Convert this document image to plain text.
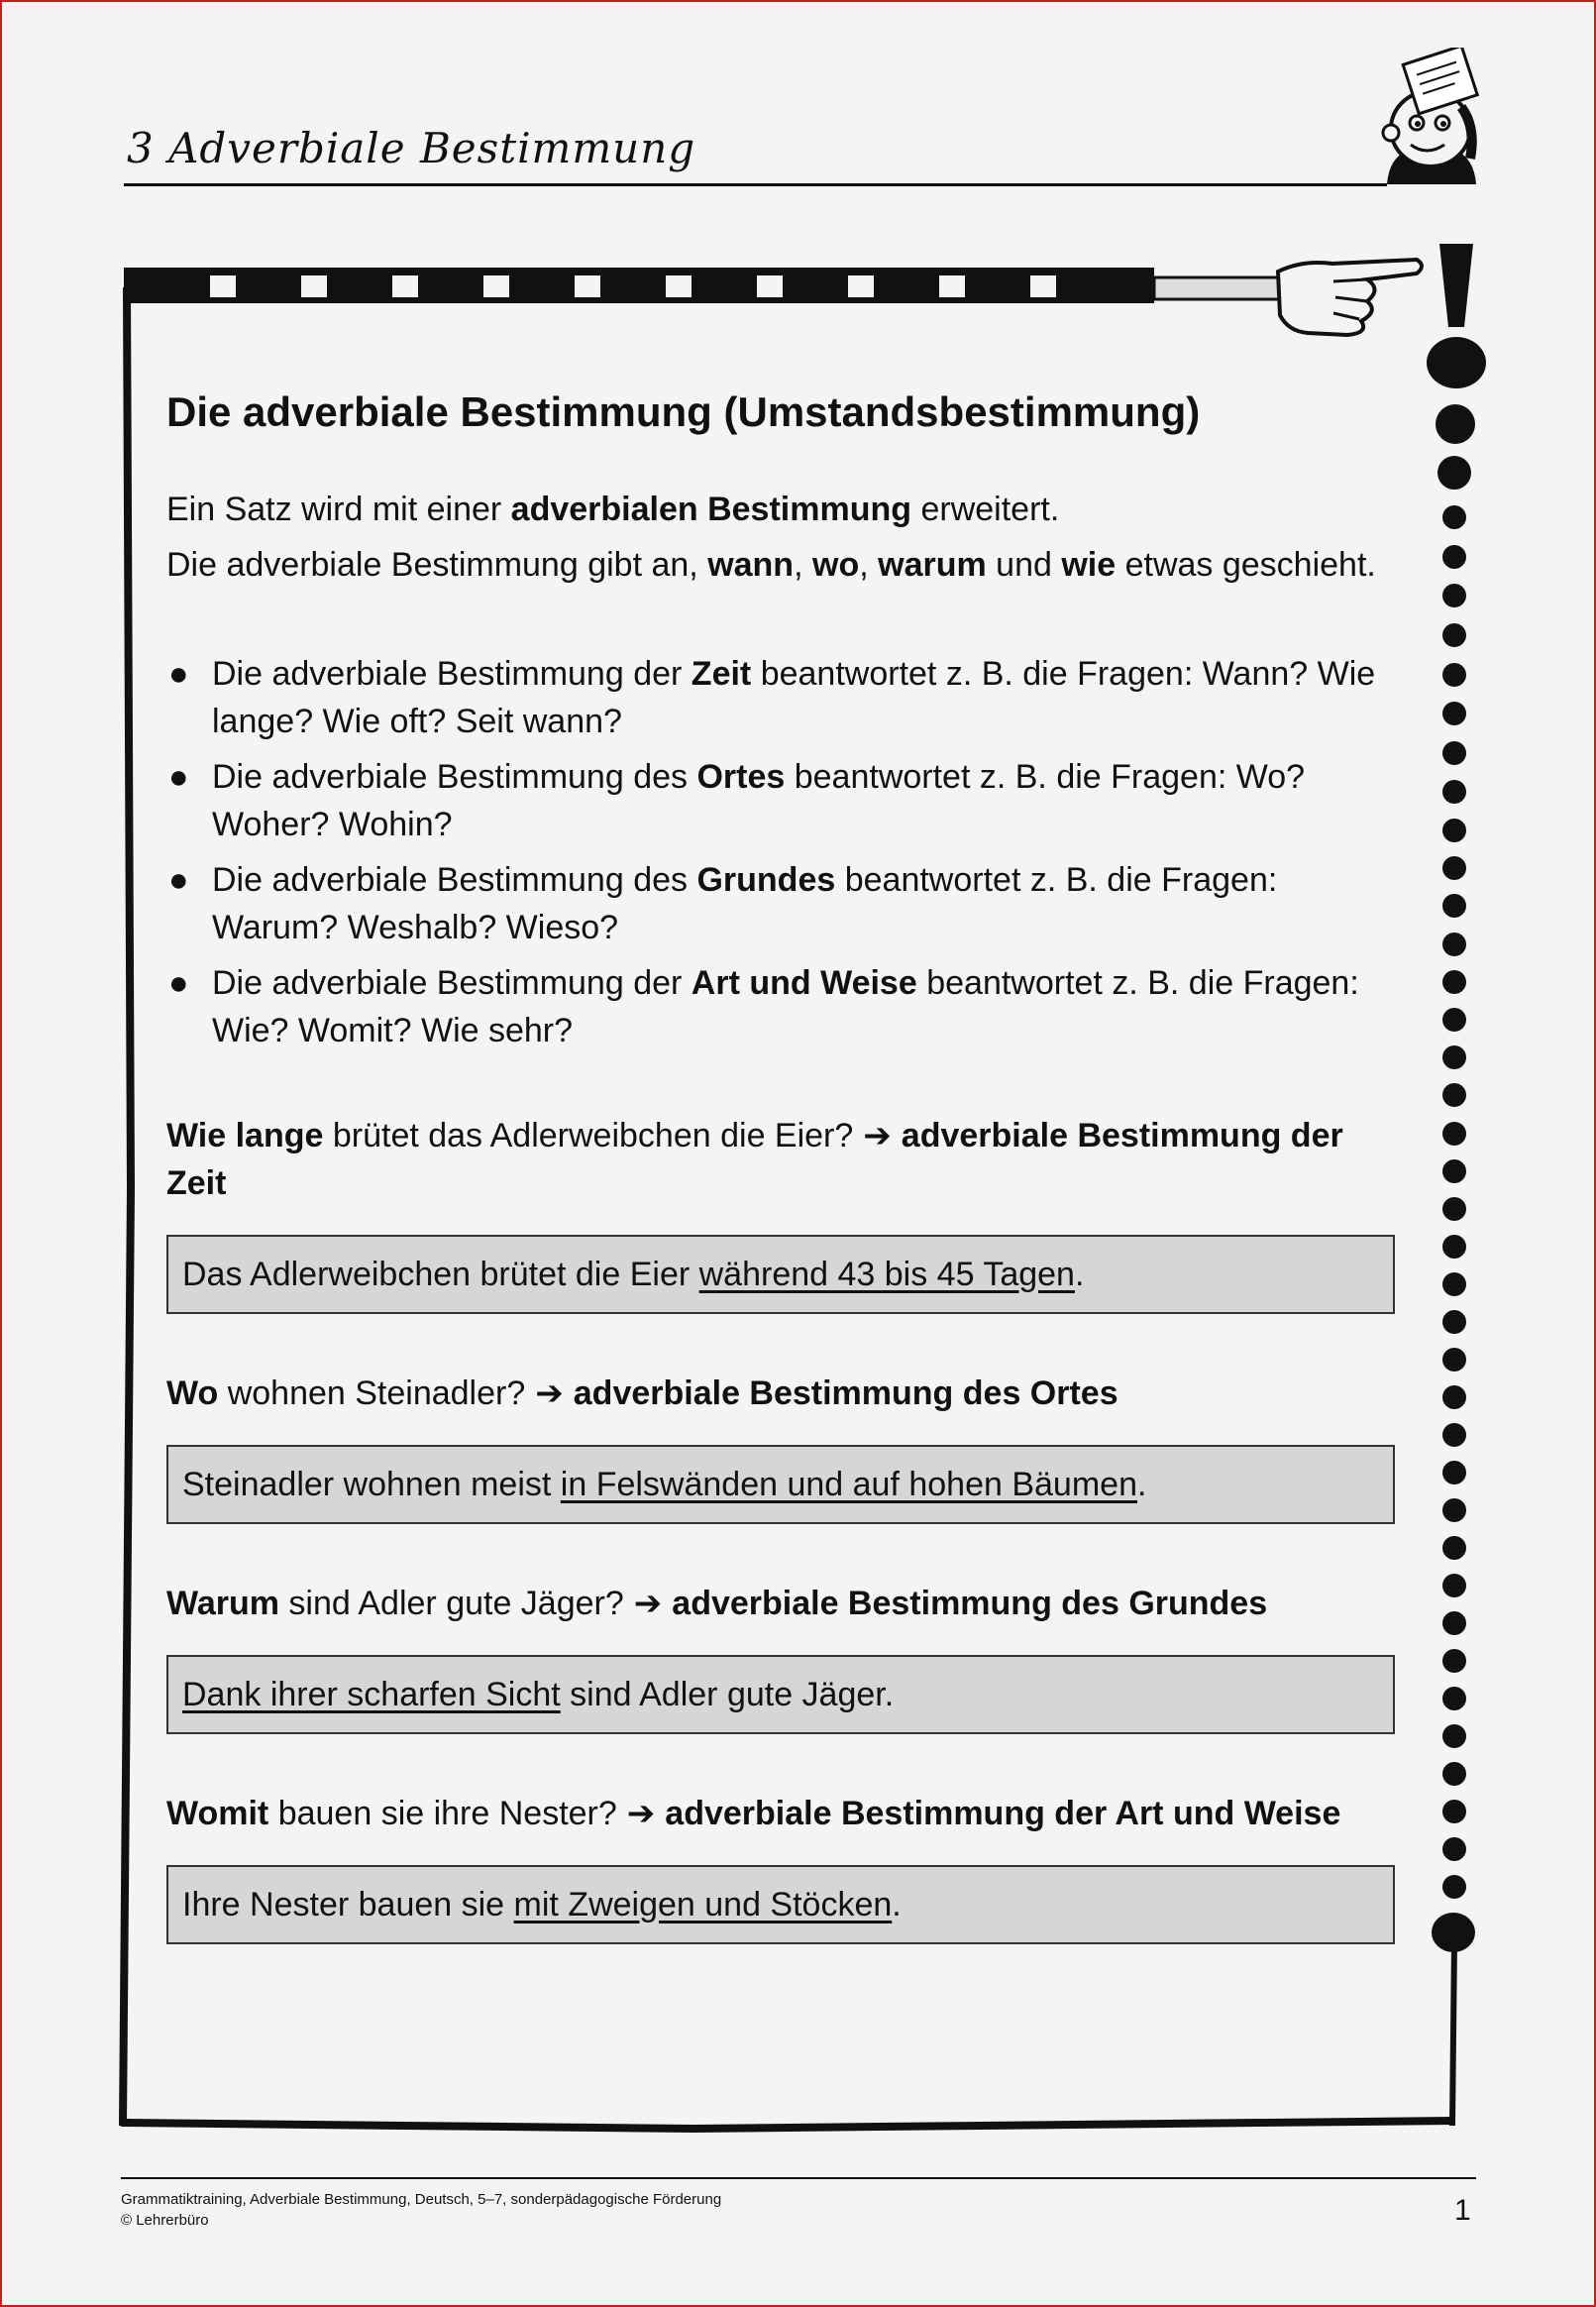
3 Adverbiale Bestimmung
Die adverbiale Bestimmung (Umstandsbestimmung)

Ein Satz wird mit einer adverbialen Bestimmung erweitert.

Die adverbiale Bestimmung gibt an, wann, wo, warum und wie etwas geschieht.

● Die adverbiale Bestimmung der Zeit beantwortet z. B. die Fragen: Wann? Wie lange? Wie oft? Seit wann?
● Die adverbiale Bestimmung des Ortes beantwortet z. B. die Fragen: Wo? Woher? Wohin?
● Die adverbiale Bestimmung des Grundes beantwortet z. B. die Fragen: Warum? Weshalb? Wieso?
● Die adverbiale Bestimmung der Art und Weise beantwortet z. B. die Fragen: Wie? Womit? Wie sehr?

Wie lange brütet das Adlerweibchen die Eier? ➔ adverbiale Bestimmung der Zeit

Das Adlerweibchen brütet die Eier während 43 bis 45 Tagen.

Wo wohnen Steinadler? ➔ adverbiale Bestimmung des Ortes

Steinadler wohnen meist in Felswänden und auf hohen Bäumen.

Warum sind Adler gute Jäger? ➔ adverbiale Bestimmung des Grundes

Dank ihrer scharfen Sicht sind Adler gute Jäger.

Womit bauen sie ihre Nester? ➔ adverbiale Bestimmung der Art und Weise

Ihre Nester bauen sie mit Zweigen und Stöcken.
Grammatiktraining, Adverbiale Bestimmung, Deutsch, 5–7, sonderpädagogische Förderung
© Lehrerbüro	1
